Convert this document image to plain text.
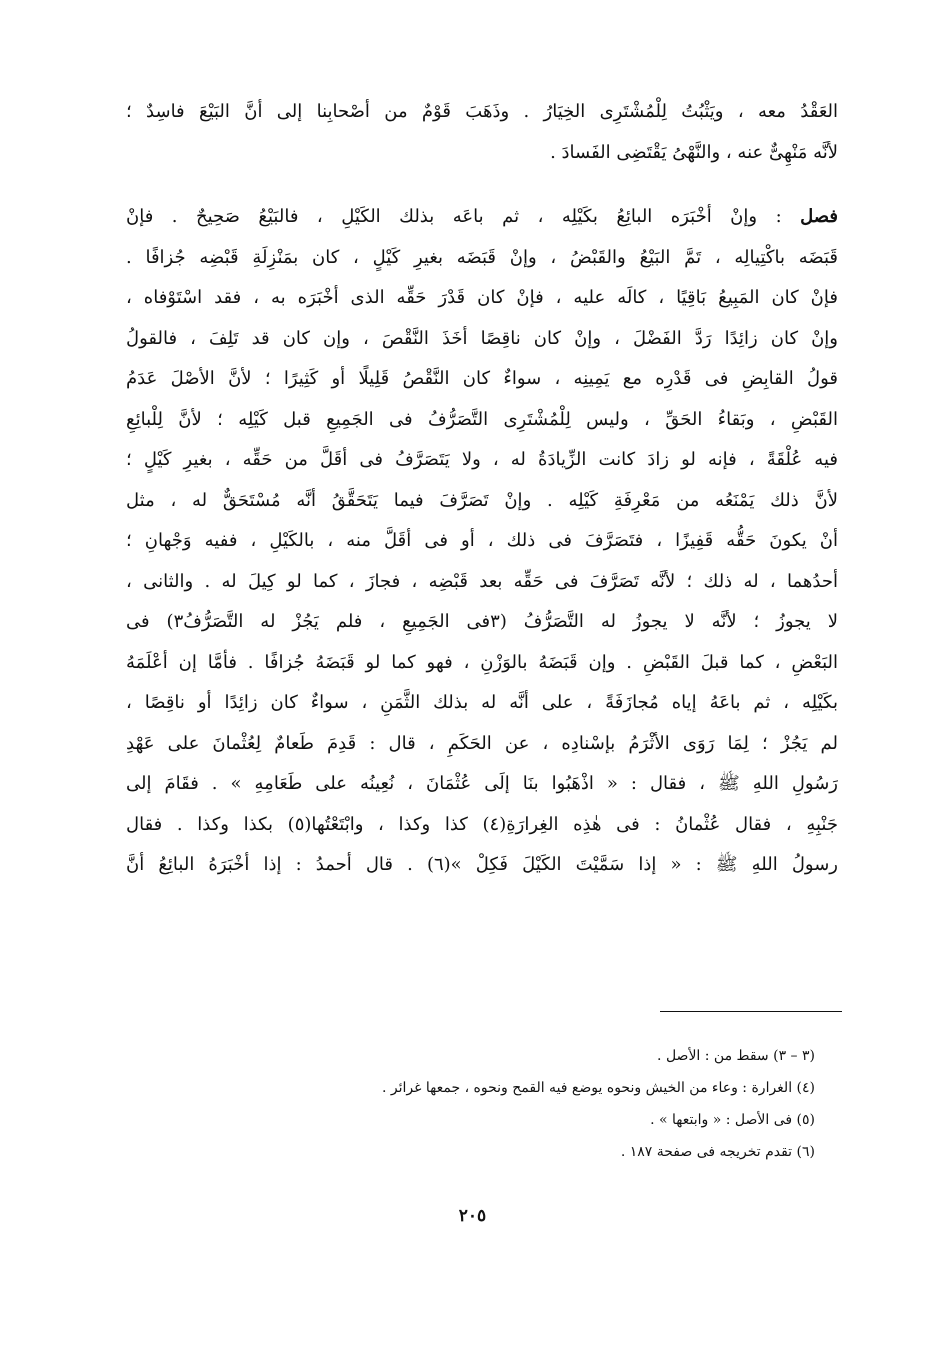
العَقْدُ معه ، ويَثْبُتُ لِلْمُشْتَرِى الخِيَارُ . وذَهَبَ قَوْمٌ من أصْحابِنا إلى أنَّ البَيْعَ فاسِدٌ ؛
لأنَّه مَنْهِىٌّ عنه ، والنَّهْىُ يَقْتَضِى الفَسادَ .
فصل : وإنْ أخْبَرَه البائِعُ بكَيْلِه ، ثم باعَه بذلك الكَيْلِ ، فالبَيْعُ صَحِيحٌ . فإنْ
قَبَضَه باكْتِيالِه ، تَمَّ البَيْعُ والقَبْضُ ، وإنْ قَبَضَه بغيرِ كَيْلٍ ، كان بمَنْزِلَةِ قَبْضِه جُزافًا .
فإنْ كان المَبِيعُ بَاقِيًا ، كالَه عليه ، فإنْ كان قَدْرَ حَقِّه الذى أخْبَرَه به ، فقد اسْتَوْفاه ،
وإنْ كان زائِدًا رَدَّ الفَضْلَ ، وإنْ كان ناقِصًا أخَذَ النَّقْصَ ، وإن كان قد تَلِفَ ، فالقولُ
قولُ القابِضِ فى قَدْرِه مع يَمِينِه ، سواءٌ كان النَّقْصُ قَلِيلًا أو كَثِيرًا ؛ لأنَّ الأصْلَ عَدَمُ
القَبْضِ ، وبَقاءُ الحَقِّ ، وليس لِلْمُشْتَرِى التَّصَرُّفُ فى الجَمِيعِ قبل كَيْلِه ؛ لأنَّ لِلْبائِعِ
فيه عُلْقَةً ، فإنه لو زادَ كانت الزِّيادَةُ له ، ولا يَتَصَرَّفُ فى أقَلَّ من حَقِّه ، بغيرِ كَيْلٍ ؛
لأنَّ ذلك يَمْنَعُه من مَعْرِفَةِ كَيْلِه . وإنْ تَصَرَّفَ فيما يَتَحَقَّقُ أنَّه مُسْتَحَقٌّ له ، مثل
أنْ يكونَ حَقُّه قَفِيزًا ، فتَصَرَّفَ فى ذلك ، أو فى أقَلَّ منه ، بالكَيْلِ ، ففيه وَجْهانِ ؛
أحدُهما ، له ذلك ؛ لأنَّه تَصَرَّفَ فى حَقِّه بعد قَبْضِه ، فجازَ ، كما لو كِيلَ له . والثانى ،
لا يجوزُ ؛ لأنَّه لا يجوزُ له التَّصَرُّفُ (٣فى الجَمِيعِ ، فلم يَجُزْ له التَّصَرُّفُ٣) فى
البَعْضِ ، كما قبلَ القَبْضِ . وإن قَبَضَهُ بالوَزْنِ ، فهو كما لو قَبَضَهُ جُزافًا . فأمَّا إن أعْلَمَهُ
بكَيْلِه ، ثم باعَهُ إياه مُجازَفَةً ، على أنَّه له بذلك الثَّمَنِ ، سواءٌ كان زائِدًا أو ناقِصًا ،
لم يَجُزْ ؛ لِمَا رَوَى الأثْرَمُ بإسْنادِه ، عن الحَكَمِ ، قال : قَدِمَ طَعامٌ لِعُثْمانَ على عَهْدِ
رَسُولِ اللهِ ﷺ ، فقال : « اذْهَبُوا بنَا إلَى عُثْمَانَ ، نُعِينُه على طَعَامِهِ » . فقَامَ إلى
جَنْبِهِ ، فقال عُثْمانُ : فى هٰذِه الغِرارَةِ(٤) كذا وكذا ، وابْتَعْتُها(٥) بكذا وكذا . فقال
رسولُ اللهِ ﷺ : « إذا سَمَّيْتَ الكَيْلَ فَكِلْ »(٦) . قال أحمدُ : إذا أخْبَرَهُ البائِعُ أنَّ
(٣ – ٣) سقط من : الأصل .
(٤) الغرارة : وعاء من الخيش ونحوه يوضع فيه القمح ونحوه ، جمعها غرائر .
(٥) فى الأصل : « وابتعها » .
(٦) تقدم تخريجه فى صفحة ١٨٧ .
٢٠٥
